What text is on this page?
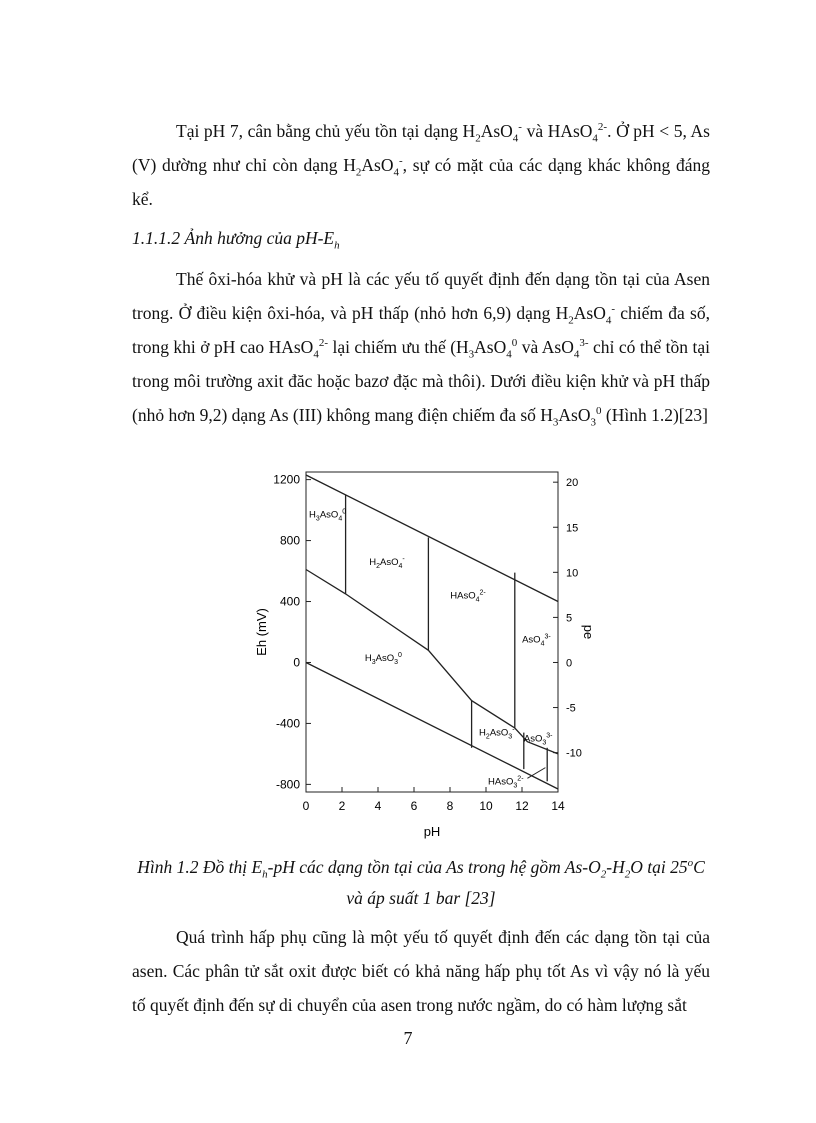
Tại pH 7, cân bằng chủ yếu tồn tại dạng $H_2AsO_4^-$ và HAsO$_4^{2-}$. Ở pH < 5, As (V) dường như chỉ còn dạng $H_2AsO_4^-$, sự có mặt của các dạng khác không đáng kể.

1.1.1.2 Ảnh hưởng của $pH-E_h$

Thế ôxi-hóa khử và pH là các yếu tố quyết định đến dạng tồn tại của Asen trong. Ở điều kiện ôxi-hóa, và pH thấp (nhỏ hơn 6,9) dạng $H_2AsO_4^-$ chiếm đa số, trong khi ở pH cao HAsO$_4^{2-}$ lại chiếm ưu thế ($H_3AsO_4^0$ và AsO$_4^{3-}$ chỉ có thể tồn tại trong môi trường axit đăc hoặc bazơ đặc mà thôi). Dưới điều kiện khử và pH thấp (nhỏ hơn 9,2) dạng As (III) không mang điện chiếm đa số $H_3AsO_3^0$ (Hình 1.2)[23]

0 2 4 6 8 10 12 14
1200
800
400
0
-400
-800
20
15
10
5
0
-5
-10
$H_3AsO_4^0$
$H_2AsO_4^-$
HAsO$_4^{2-}$
AsO$_4^{3-}$
$H_3AsO_3^0$
$H_2AsO_3^-$
AsO$_3^{3-}$
HAsO$_3^{2-}$
pH
Eh (mV)	pe

Hình 1.2 Đồ thị $E_h-pH$ các dạng tồn tại của As trong hệ gồm $As-O_2-H_2O$ tại 25$^o$C
và áp suất 1 bar [23]

Quá trình hấp phụ cũng là một yếu tố quyết định đến các dạng tồn tại của asen. Các phân tử sắt oxit được biết có khả năng hấp phụ tốt As vì vậy nó là yếu tố quyết định đến sự di chuyển của asen trong nước ngầm, do có hàm lượng sắt

7
